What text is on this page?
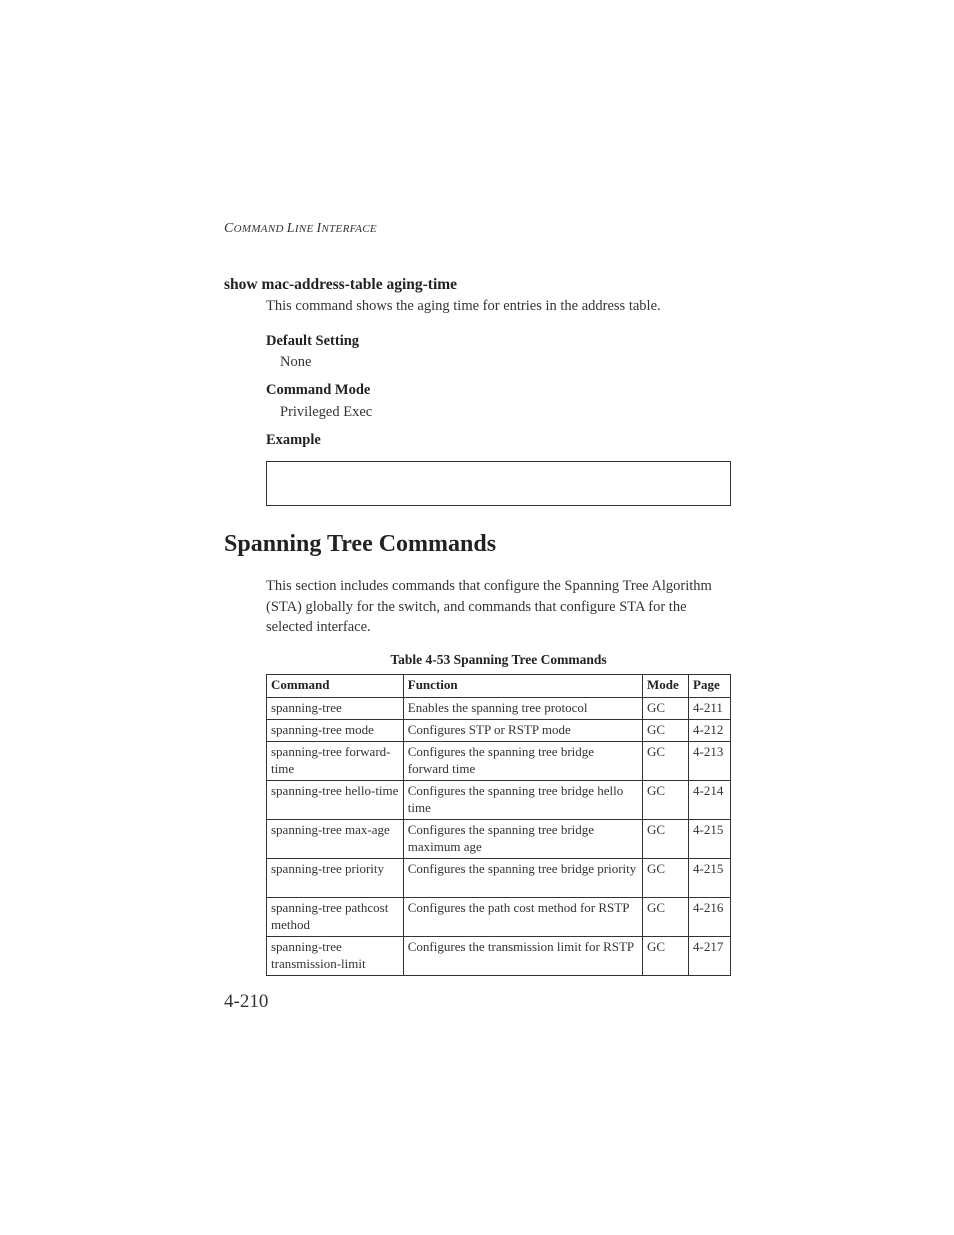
COMMAND LINE INTERFACE
show mac-address-table aging-time
This command shows the aging time for entries in the address table.
Default Setting
None
Command Mode
Privileged Exec
Example
Spanning Tree Commands
This section includes commands that configure the Spanning Tree Algorithm (STA) globally for the switch, and commands that configure STA for the selected interface.
Table 4-53 Spanning Tree Commands
Command	Function	Mode	Page
spanning-tree	Enables the spanning tree protocol	GC	4-211
spanning-tree mode	Configures STP or RSTP mode	GC	4-212
spanning-tree forward-time	Configures the spanning tree bridge forward time	GC	4-213
spanning-tree hello-time	Configures the spanning tree bridge hello time	GC	4-214
spanning-tree max-age	Configures the spanning tree bridge maximum age	GC	4-215
spanning-tree priority	Configures the spanning tree bridge priority	GC	4-215
spanning-tree pathcost method	Configures the path cost method for RSTP	GC	4-216
spanning-tree transmission-limit	Configures the transmission limit for RSTP	GC	4-217
4-210
